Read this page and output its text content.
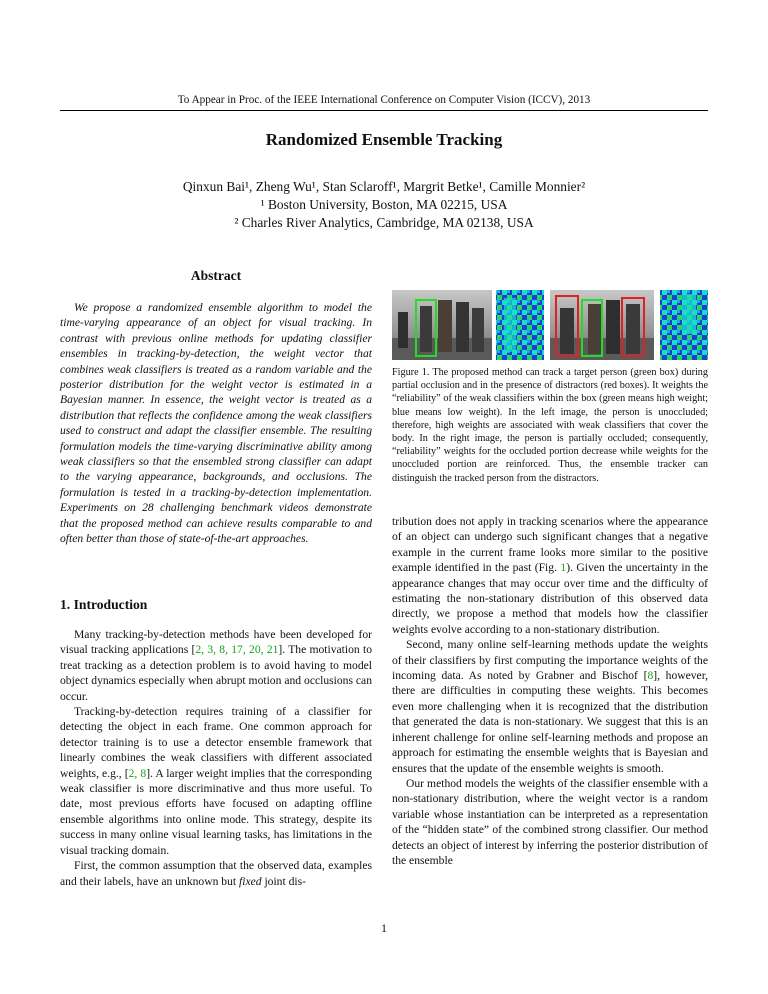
To Appear in Proc. of the IEEE International Conference on Computer Vision (ICCV), 2013
Randomized Ensemble Tracking
Qinxun Bai¹, Zheng Wu¹, Stan Sclaroff¹, Margrit Betke¹, Camille Monnier²
¹ Boston University, Boston, MA 02215, USA
² Charles River Analytics, Cambridge, MA 02138, USA
Abstract

We propose a randomized ensemble algorithm to model the time-varying appearance of an object for visual tracking. In contrast with previous online methods for updating classifier ensembles in tracking-by-detection, the weight vector that combines weak classifiers is treated as a random variable and the posterior distribution for the weight vector is estimated in a Bayesian manner. In essence, the weight vector is treated as a distribution that reflects the confidence among the weak classifiers used to construct and adapt the classifier ensemble. The resulting formulation models the time-varying discriminative ability among weak classifiers so that the ensembled strong classifier can adapt to the varying appearance, backgrounds, and occlusions. The formulation is tested in a tracking-by-detection implementation. Experiments on 28 challenging benchmark videos demonstrate that the proposed method can achieve results comparable to and often better than those of state-of-the-art approaches.

1. Introduction

Many tracking-by-detection methods have been developed for visual tracking applications [2, 3, 8, 17, 20, 21]. The motivation to treat tracking as a detection problem is to avoid having to model object dynamics especially when abrupt motion and occlusions can occur.

Tracking-by-detection requires training of a classifier for detecting the object in each frame. One common approach for detector training is to use a detector ensemble framework that linearly combines the weak classifiers with different associated weights, e.g., [2, 8]. A larger weight implies that the corresponding weak classifier is more discriminative and thus more useful. To date, most previous efforts have focused on adapting offline ensemble algorithms into online mode. This strategy, despite its success in many online visual learning tasks, has limitations in the visual tracking domain.

First, the common assumption that the observed data, examples and their labels, have an unknown but fixed joint dis-

Figure 1. The proposed method can track a target person (green box) during partial occlusion and in the presence of distractors (red boxes). It weights the “reliability” of the weak classifiers within the box (green means high weight; blue means low weight). In the left image, the person is unoccluded; therefore, high weights are associated with weak classifiers that cover the body. In the right image, the person is partially occluded; consequently, “reliability” weights for the occluded portion decrease while weights for the unoccluded portion are reinforced. Thus, the ensemble tracker can distinguish the tracked person from the distractors.

tribution does not apply in tracking scenarios where the appearance of an object can undergo such significant changes that a negative example in the current frame looks more similar to the positive example identified in the past (Fig. 1). Given the uncertainty in the appearance changes that may occur over time and the difficulty of estimating the non-stationary distribution of this observed data directly, we propose a method that models how the classifier weights evolve according to a non-stationary distribution.

Second, many online self-learning methods update the weights of their classifiers by first computing the importance weights of the incoming data. As noted by Grabner and Bischof [8], however, there are difficulties in computing these weights. This becomes even more challenging when it is recognized that the distribution that generated the data is non-stationary. We suggest that this is an inherent challenge for online self-learning methods and propose an approach for estimating the ensemble weights that is Bayesian and ensures that the update of the ensemble weights is smooth.

Our method models the weights of the classifier ensemble with a non-stationary distribution, where the weight vector is a random variable whose instantiation can be interpreted as a representation of the “hidden state” of the combined strong classifier. Our method detects an object of interest by inferring the posterior distribution of the ensemble

1
